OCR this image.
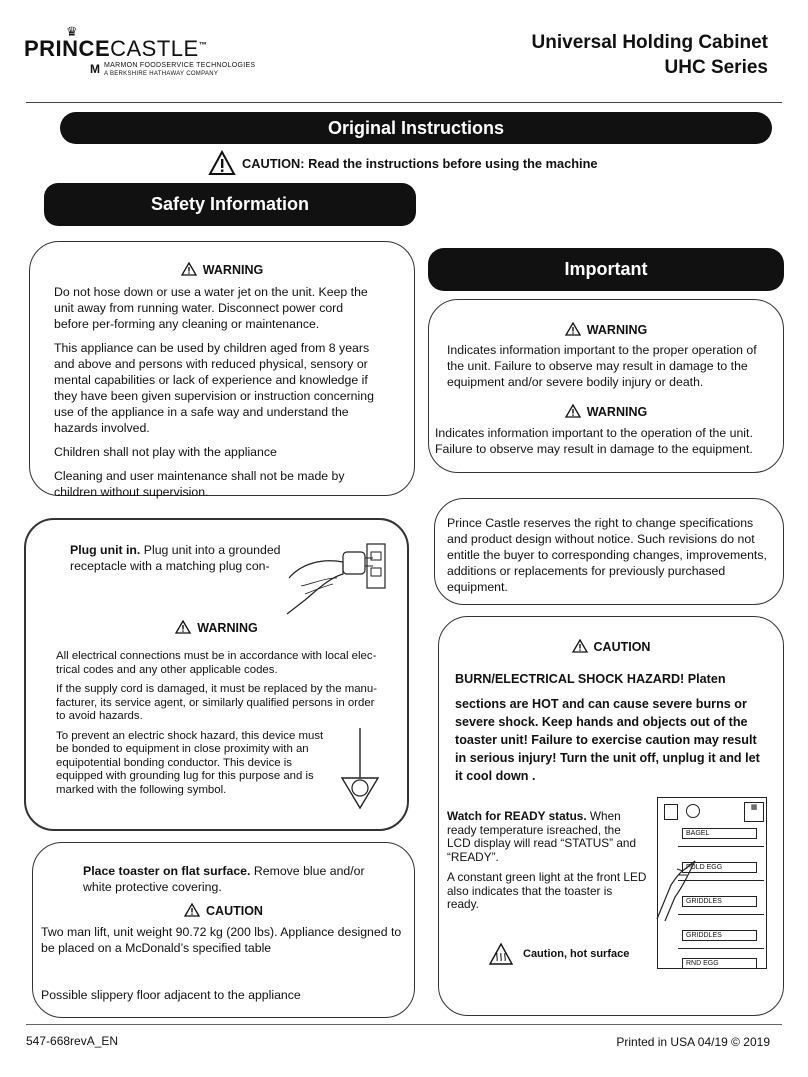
♛
PRINCECASTLE™
M MARMON FOODSERVICE TECHNOLOGIES
A BERKSHIRE HATHAWAY COMPANY
Universal Holding Cabinet
UHC Series
Original Instructions
CAUTION: Read the instructions before using the machine
Safety Information
WARNING

Do not hose down or use a water jet on the unit. Keep the unit away from running water. Disconnect power cord before per-forming any cleaning or maintenance.

This appliance can be used by children aged from 8 years and above and persons with reduced physical, sensory or mental capabilities or lack of experience and knowledge if they have been given supervision or instruction concerning use of the appliance in a safe way and understand the hazards involved.

Children shall not play with the appliance

Cleaning and user maintenance shall not be made by children without supervision.

Plug unit in. Plug unit into a grounded receptacle with a matching plug con-
WARNING

All electrical connections must be in accordance with local elec-trical codes and any other applicable codes.

If the supply cord is damaged, it must be replaced by the manu-facturer, its service agent, or similarly qualified persons in order to avoid hazards.

To prevent an electric shock hazard, this device must be bonded to equipment in close proximity with an equipotential bonding conductor. This device is equipped with grounding lug for this purpose and is marked with the following symbol.

Place toaster on flat surface. Remove blue and/or white protective covering.
CAUTION
Two man lift, unit weight 90.72 kg (200 lbs). Appliance designed to be placed on a McDonald’s specified table
Possible slippery floor adjacent to the appliance
Important
WARNING
Indicates information important to the proper operation of the unit. Failure to observe may result in damage to the equipment and/or severe bodily injury or death.
WARNING
Indicates information important to the operation of the unit. Failure to observe may result in damage to the equipment.
Prince Castle reserves the right to change specifications and product design without notice. Such revisions do not entitle the buyer to corresponding changes, improvements, additions or replacements for previously purchased equipment.
CAUTION
BURN/ELECTRICAL SHOCK HAZARD! Platen
sections are HOT and can cause severe burns or severe shock. Keep hands and objects out of the toaster unit! Failure to exercise caution may result in serious injury! Turn the unit off, unplug it and let it cool down .
Watch for READY status. When ready temperature isreached, the LCD display will read “STATUS” and “READY”.
A constant green light at the front LED also indicates that the toaster is ready.
Caution, hot surface
▦
BAGEL
FOLD EGG
GRIDDLES
GRIDDLES
RND EGG
547-668revA_EN	Printed in USA 04/19 © 2019
